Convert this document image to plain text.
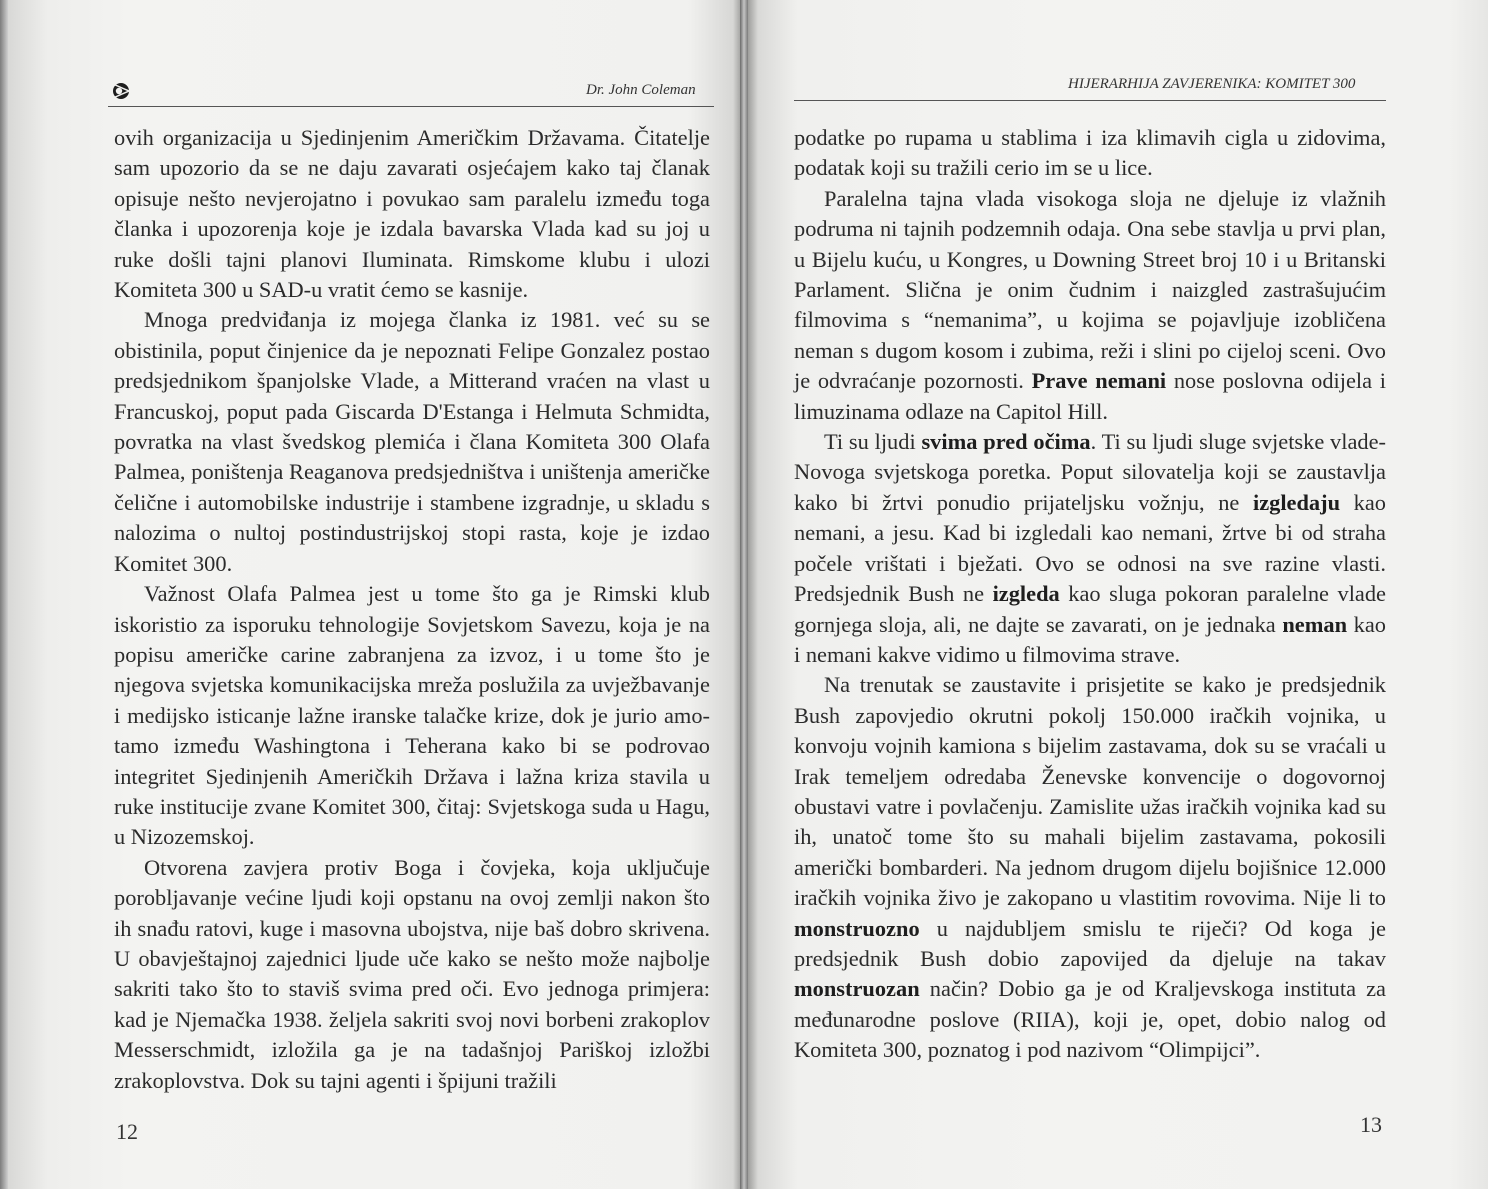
Dr. John Coleman

ovih organizacija u Sjedinjenim Američkim Državama. Čitatelje sam upozorio da se ne daju zavarati osjećajem kako taj članak opisuje nešto nevjerojatno i povukao sam paralelu između toga članka i upozorenja koje je izdala bavarska Vlada kad su joj u ruke došli tajni planovi Iluminata. Rimskome klubu i ulozi Komiteta 300 u SAD-u vratit ćemo se kasnije.

Mnoga predviđanja iz mojega članka iz 1981. već su se obistinila, poput činjenice da je nepoznati Felipe Gonzalez postao predsjednikom španjolske Vlade, a Mitterand vraćen na vlast u Francuskoj, poput pada Giscarda D'Estanga i Helmuta Schmidta, povratka na vlast švedskog plemića i člana Komiteta 300 Olafa Palmea, poništenja Reaganova predsjedništva i uništenja američke čelične i automobilske industrije i stambene izgradnje, u skladu s nalozima o nultoj postindustrijskoj stopi rasta, koje je izdao Komitet 300.

Važnost Olafa Palmea jest u tome što ga je Rimski klub iskoristio za isporuku tehnologije Sovjetskom Savezu, koja je na popisu američke carine zabranjena za izvoz, i u tome što je njegova svjetska komunikacijska mreža poslužila za uvježbavanje i medijsko isticanje lažne iranske talačke krize, dok je jurio amo-tamo između Washingtona i Teherana kako bi se podrovao integritet Sjedinjenih Američkih Država i lažna kriza stavila u ruke institucije zvane Komitet 300, čitaj: Svjetskoga suda u Hagu, u Nizozemskoj.

Otvorena zavjera protiv Boga i čovjeka, koja uključuje porobljavanje većine ljudi koji opstanu na ovoj zemlji nakon što ih snađu ratovi, kuge i masovna ubojstva, nije baš dobro skrivena. U obavještajnoj zajednici ljude uče kako se nešto može najbolje sakriti tako što to staviš svima pred oči. Evo jednoga primjera: kad je Njemačka 1938. željela sakriti svoj novi borbeni zrakoplov Messerschmidt, izložila ga je na tadašnjoj Pariškoj izložbi zrakoplovstva. Dok su tajni agenti i špijuni tražili

12
HIJERARHIJA ZAVJERENIKA: KOMITET 300

podatke po rupama u stablima i iza klimavih cigla u zidovima, podatak koji su tražili cerio im se u lice.

Paralelna tajna vlada visokoga sloja ne djeluje iz vlažnih podruma ni tajnih podzemnih odaja. Ona sebe stavlja u prvi plan, u Bijelu kuću, u Kongres, u Downing Street broj 10 i u Britanski Parlament. Slična je onim čudnim i naizgled zastrašujućim filmovima s “nemanima”, u kojima se pojavljuje izobličena neman s dugom kosom i zubima, reži i slini po cijeloj sceni. Ovo je odvraćanje pozornosti. Prave nemani nose poslovna odijela i limuzinama odlaze na Capitol Hill.

Ti su ljudi svima pred očima. Ti su ljudi sluge svjetske vlade-Novoga svjetskoga poretka. Poput silovatelja koji se zaustavlja kako bi žrtvi ponudio prijateljsku vožnju, ne izgledaju kao nemani, a jesu. Kad bi izgledali kao nemani, žrtve bi od straha počele vrištati i bježati. Ovo se odnosi na sve razine vlasti. Predsjednik Bush ne izgleda kao sluga pokoran paralelne vlade gornjega sloja, ali, ne dajte se zavarati, on je jednaka neman kao i nemani kakve vidimo u filmovima strave.

Na trenutak se zaustavite i prisjetite se kako je predsjednik Bush zapovjedio okrutni pokolj 150.000 iračkih vojnika, u konvoju vojnih kamiona s bijelim zastavama, dok su se vraćali u Irak temeljem odredaba Ženevske konvencije o dogovornoj obustavi vatre i povlačenju. Zamislite užas iračkih vojnika kad su ih, unatoč tome što su mahali bijelim zastavama, pokosili američki bombarderi. Na jednom drugom dijelu bojišnice 12.000 iračkih vojnika živo je zakopano u vlastitim rovovima. Nije li to monstruozno u najdubljem smislu te riječi? Od koga je predsjednik Bush dobio zapovijed da djeluje na takav monstruozan način? Dobio ga je od Kraljevskoga instituta za međunarodne poslove (RIIA), koji je, opet, dobio nalog od Komiteta 300, poznatog i pod nazivom “Olimpijci”.

13
